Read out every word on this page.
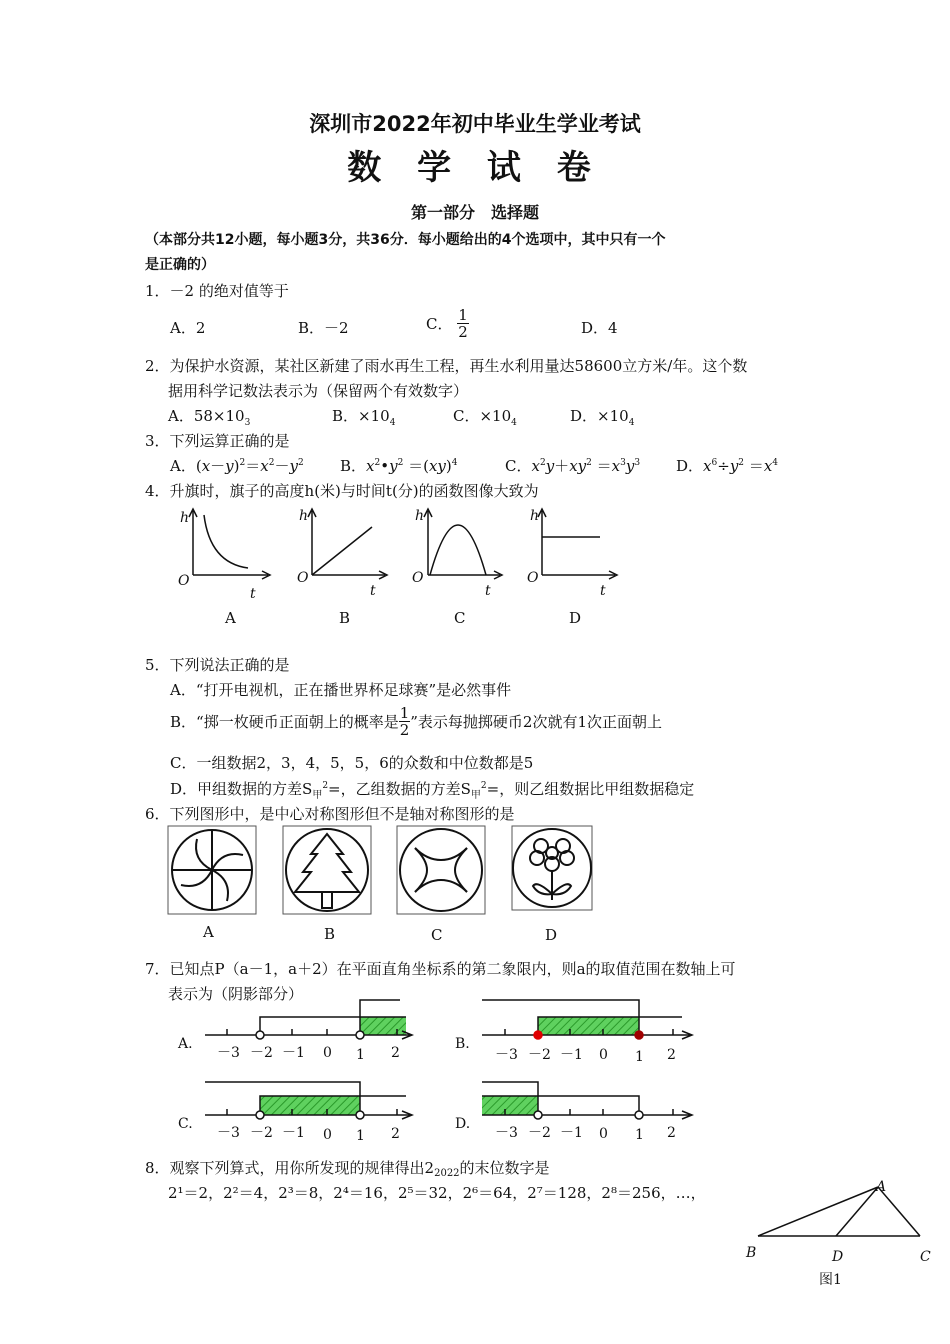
深圳市2022年初中毕业生学业考试
数 学 试 卷
第一部分　选择题
（本部分共12小题，每小题3分，共36分．每小题给出的4个选项中，其中只有一个
是正确的）
1．－2 的绝对值等于
A．2	B．－2	C． $\frac{1}{2}$	D．4
2．为保护水资源，某社区新建了雨水再生工程，再生水利用量达58600立方米/年。这个数
据用科学记数法表示为（保留两个有效数字）
A．$58\times 10_3$	B．$\times 10_4$	C．$\times 10_4$	D．$\times 10_4$
3．下列运算正确的是
A．$(x-y)^2=x^2-y^2$ B．$x^2•y^2 =(xy)^4$	C．$x^2y+xy^2 =x^3y^3$ D．$x^6\div y^2 =x^4$
4．升旗时，旗子的高度h(米)与时间t(分)的函数图像大致为
h
O
t
h
O
t
h
O
t
h
O
t
A	B	C	D
5．下列说法正确的是
A．“打开电视机，正在播世界杯足球赛”是必然事件
B．“掷一枚硬币正面朝上的概率是 $\frac{1}{2}$ ”表示每抛掷硬币2次就有1次正面朝上
C．一组数据2，3，4，5，5，6的众数和中位数都是5
D．甲组数据的方差$S_甲^2=$，乙组数据的方差$S_甲^2=$，则乙组数据比甲组数据稳定
6．下列图形中，是中心对称图形但不是轴对称图形的是
A	B	C	D
7．已知点P（a－1，a＋2）在平面直角坐标系的第二象限内，则a的取值范围在数轴上可
表示为（阴影部分）
A.	B.
C.	D.
－3 －2 －1 0 1 2	－3 －2 －1 0 1 2
－3 －2 －1 0 1 2	－3 －2 －1 0 1 2
8．观察下列算式，用你所发现的规律得出$2_{2022}$的末位数字是
2¹＝2，2²＝4，2³＝8，2⁴＝16，2⁵＝32，2⁶＝64，2⁷＝128，2⁸＝256，…，	A
B	D	C
图1
